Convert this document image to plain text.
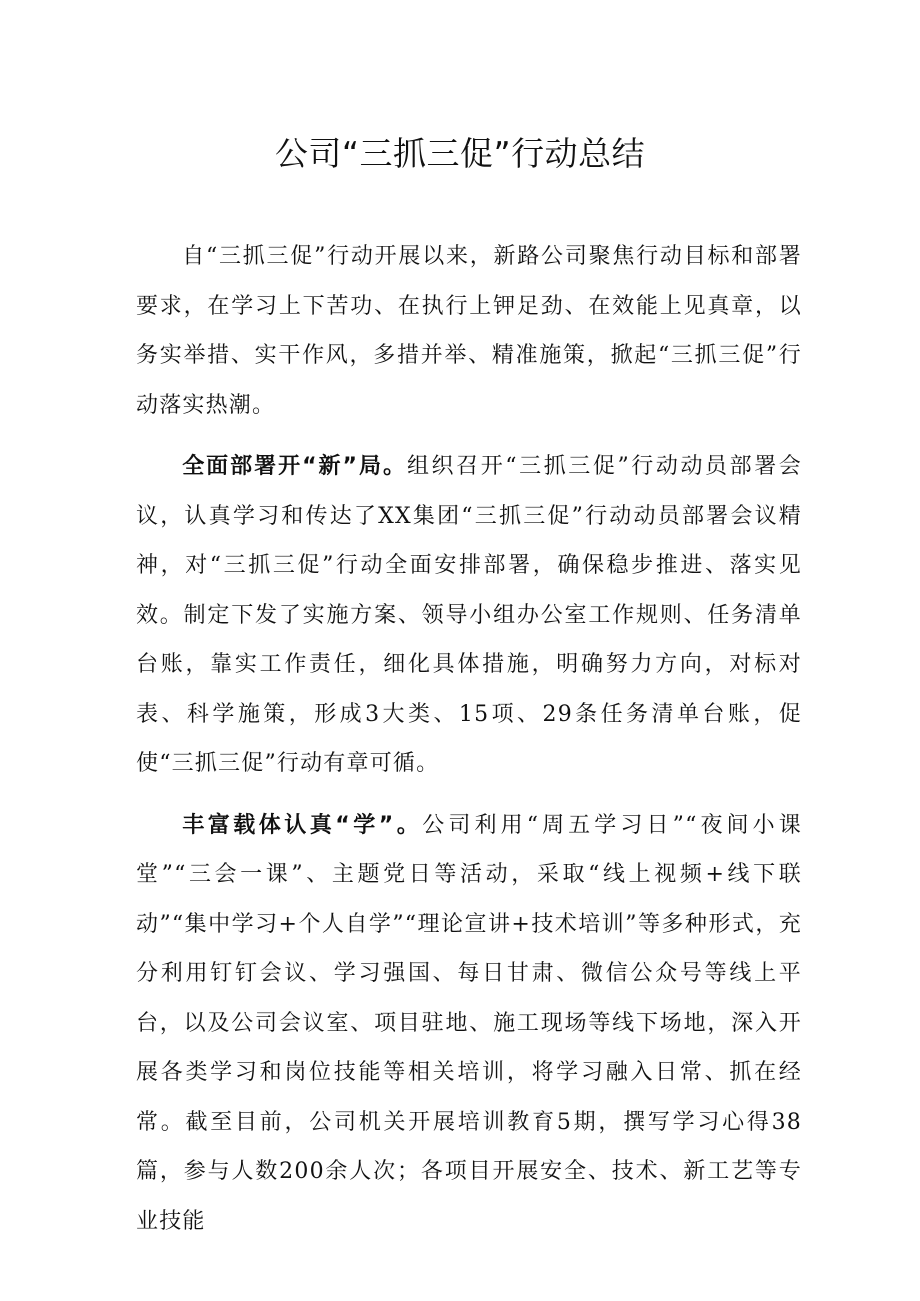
公司“三抓三促”行动总结

自“三抓三促”行动开展以来，新路公司聚焦行动目标和部署要求，在学习上下苦功、在执行上钾足劲、在效能上见真章，以务实举措、实干作风，多措并举、精准施策，掀起“三抓三促”行动落实热潮。

全面部署开“新”局。组织召开“三抓三促”行动动员部署会议，认真学习和传达了XX集团“三抓三促”行动动员部署会议精神，对“三抓三促”行动全面安排部署，确保稳步推进、落实见效。制定下发了实施方案、领导小组办公室工作规则、任务清单台账，靠实工作责任，细化具体措施，明确努力方向，对标对表、科学施策，形成3大类、15项、29条任务清单台账，促使“三抓三促”行动有章可循。

丰富载体认真“学”。公司利用“周五学习日”“夜间小课堂”“三会一课”、主题党日等活动，采取“线上视频+线下联动”“集中学习+个人自学”“理论宣讲+技术培训”等多种形式，充分利用钉钉会议、学习强国、每日甘肃、微信公众号等线上平台，以及公司会议室、项目驻地、施工现场等线下场地，深入开展各类学习和岗位技能等相关培训，将学习融入日常、抓在经常。截至目前，公司机关开展培训教育5期，撰写学习心得38篇，参与人数200余人次；各项目开展安全、技术、新工艺等专业技能
